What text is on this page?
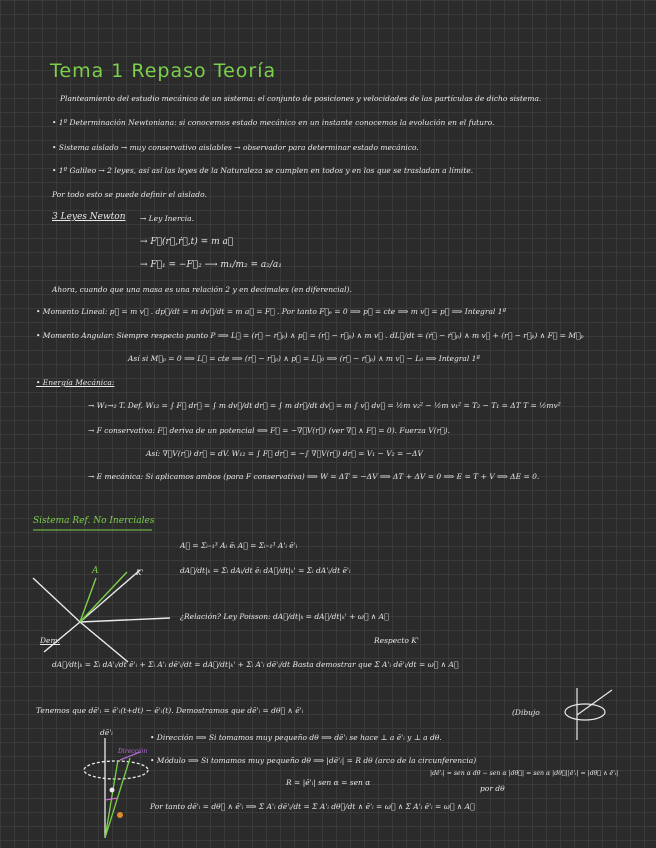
Tema 1 Repaso Teoría
Planteamiento del estudio mecánico de un sistema: el conjunto de posiciones y velocidades de las partículas de dicho sistema.
• 1º Determinación Newtoniana: si conocemos estado mecánico en un instante conocemos la evolución en el futuro.
• Sistema aislado → muy conservativo aislables → observador para determinar estado mecánico.
• 1º Galileo → 2 leyes, así así las leyes de la Naturaleza se cumplen en todos y en los que se trasladan a límite.
Por todo esto se puede definir el aislado.
3 Leyes Newton → Ley Inercia.
→ F⃗(r⃗,ṙ⃗,t) = m a⃗
→ F⃗₁ = −F⃗₂ ⟶ m₁/m₂ = a₂/a₁
Ahora, cuando que una masa es una relación 2 y en decimales (en diferencial).
• Momento Lineal: p⃗ = m v⃗ . dp⃗/dt = m dv⃗/dt = m a⃗ = F⃗ . Por tanto F⃗ₑ = 0 ⟹ p⃗ = cte ⟹ m v⃗ = p⃗ ⟹ Integral 1ª
• Momento Angular: Siempre respecto punto P ⟹ L⃗ = (r⃗ − r⃗ₚ) ∧ p⃗ = (r⃗ − r⃗ₚ) ∧ m v⃗ . dL⃗/dt = (ṙ⃗ − ṙ⃗ₚ) ∧ m v⃗ + (r⃗ − r⃗ₚ) ∧ F⃗ = M⃗ₚ
Así si M⃗ₚ = 0 ⟹ L⃗ = cte ⟹ (r⃗ − r⃗ₚ) ∧ p⃗ = L⃗₀ ⟹ (r⃗ − r⃗ₚ) ∧ m v⃗ − L₀ ⟹ Integral 1ª
• Energía Mecánica:
→ W₁→₂ T. Def. W₁₂ = ∫ F⃗ dr⃗ = ∫ m dv⃗/dt dr⃗ = ∫ m dr⃗/dt dv⃗ = m ∫ v⃗ dv⃗ = ½m v₂² − ½m v₁² = T₂ − T₁ = ΔT T = ½mv²
→ F conservativa: F⃗ deriva de un potencial ⟺ F⃗ = −∇⃗V(r⃗) (ver ∇⃗ ∧ F⃗ = 0). Fuerza V(r⃗).
Así: ∇⃗V(r⃗) dr⃗ = dV. W₁₂ = ∫ F⃗ dr⃗ = −∫ ∇⃗V(r⃗) dr⃗ = V₁ − V₂ = −ΔV
→ E mecánica: Si aplicamos ambos (para F conservativa) ⟹ W = ΔT = −ΔV ⟹ ΔT + ΔV = 0 ⟹ E = T + V ⟹ ΔE = 0.
Sistema Ref. No Inerciales
A⃗ = Σᵢ₌₁³ Aᵢ ēᵢ A⃗ = Σᵢ₌₁³ A'ᵢ ē'ᵢ
dA⃗/dt|ₖ = Σᵢ dAᵢ/dt ēᵢ dA⃗/dt|ₖ' = Σᵢ dA'ᵢ/dt ē'ᵢ
A	K'
¿Relación? Ley Poisson: dA⃗/dt|ₖ = dA⃗/dt|ₖ' + ω⃗ ∧ A⃗
Respecto K'
Dem:
dA⃗/dt|ₖ = Σᵢ dA'ᵢ/dt ē'ᵢ + Σᵢ A'ᵢ dē'ᵢ/dt = dA⃗/dt|ₖ' + Σᵢ A'ᵢ dē'ᵢ/dt Basta demostrar que Σ A'ᵢ dē'ᵢ/dt = ω⃗ ∧ A⃗
Tenemos que dē'ᵢ = ē'ᵢ(t+dt) − ē'ᵢ(t). Demostramos que dē'ᵢ = dθ⃗ ∧ ē'ᵢ	(Dibujo
• Dirección ⟹ Si tomamos muy pequeño dθ ⟹ dē'ᵢ se hace ⊥ a ē'ᵢ y ⊥ a dθ.
• Módulo ⟹ Si tomamos muy pequeño dθ ⟹ |dē'ᵢ| = R dθ (arco de la circunferencia)
|dē'ᵢ| = sen α dθ − sen α |dθ⃗| = sen α |dθ⃗||ē'ᵢ| = |dθ⃗ ∧ ē'ᵢ|
R = |ē'ᵢ| sen α = sen α
por dθ
Por tanto dē'ᵢ = dθ⃗ ∧ ē'ᵢ ⟹ Σ A'ᵢ dē'ᵢ/dt = Σ A'ᵢ dθ⃗/dt ∧ ē'ᵢ = ω⃗ ∧ Σ A'ᵢ ē'ᵢ = ω⃗ ∧ A⃗
dē'ᵢ
Dirección
